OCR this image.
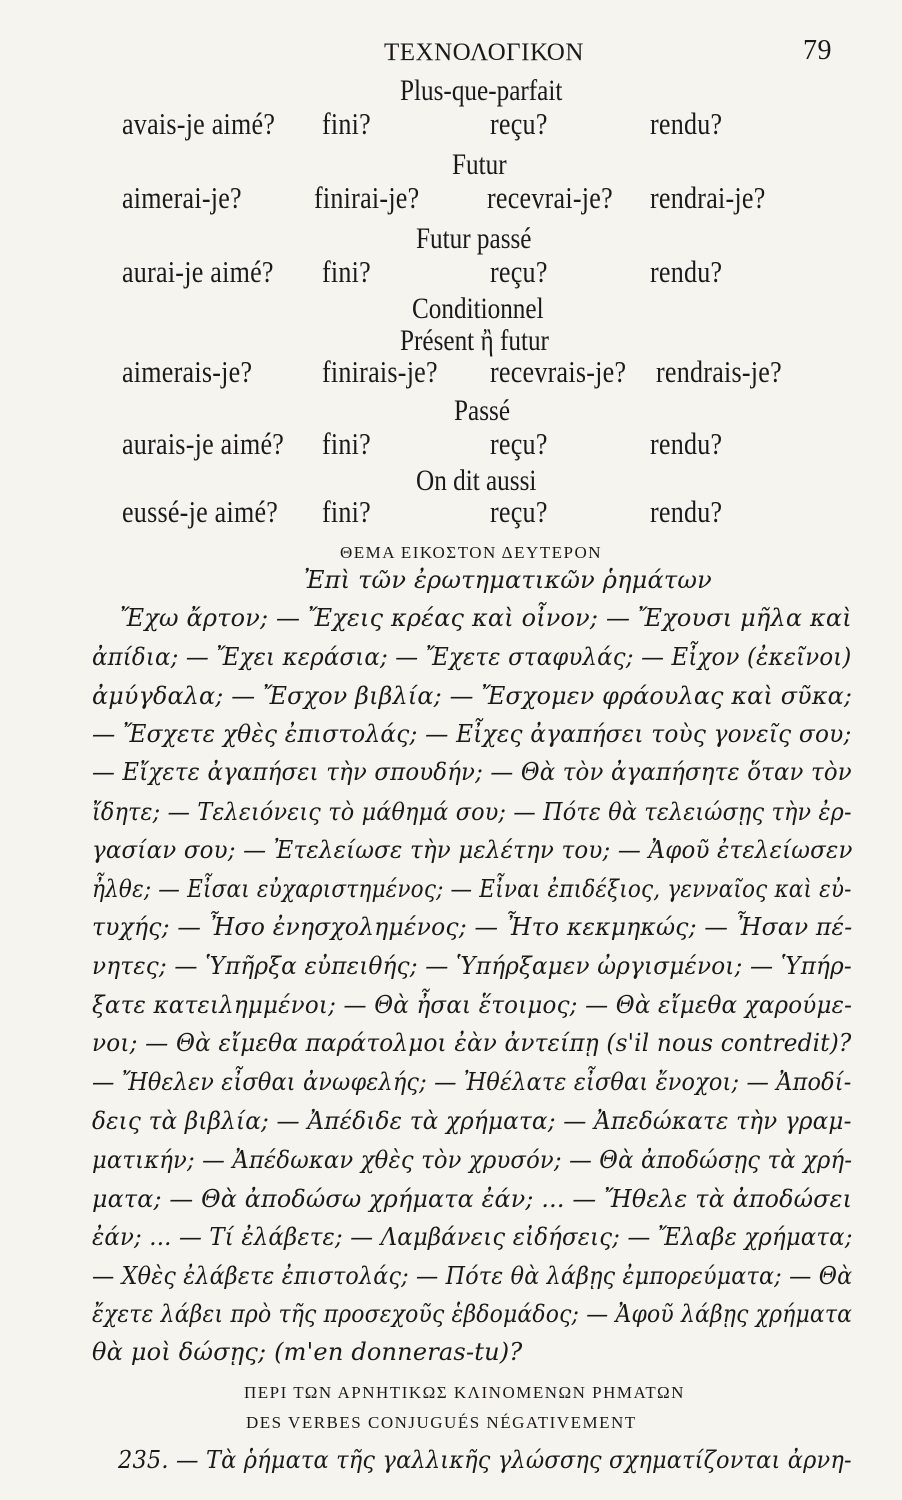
ΤΕΧΝΟΛΟΓΙΚΟΝ	79
Plus-que-parfait
avais-je aimé? fini?	reçu?	rendu?
Futur
aimerai-je? finirai-je? recevrai-je? rendrai-je?
Futur passé
aurai-je aimé? fini?	reçu?	rendu?
Conditionnel
Présent ἢ futur
aimerais-je? finirais-je? recevrais-je? rendrais-je?
Passé
aurais-je aimé? fini?	reçu?	rendu?
On dit aussi
eussé-je aimé? fini?	reçu?	rendu?
ΘΕΜΑ ΕΙΚΟΣΤΟΝ ΔΕΥΤΕΡΟΝ
Ἐπὶ τῶν ἐρωτηματικῶν ῥημάτων
Ἔχω ἄρτον; — Ἔχεις κρέας καὶ οἶνον; — Ἔχουσι μῆλα καὶ
ἀπίδια; — Ἔχει κεράσια; — Ἔχετε σταφυλάς; — Εἶχον (ἐκεῖνοι)
ἀμύγδαλα; — Ἔσχον βιβλία; — Ἔσχομεν φράουλας καὶ σῦκα;
— Ἔσχετε χθὲς ἐπιστολάς; — Εἶχες ἀγαπήσει τοὺς γονεῖς σου;
— Εἴχετε ἀγαπήσει τὴν σπουδήν; — Θὰ τὸν ἀγαπήσητε ὅταν τὸν
ἴδητε; — Τελειόνεις τὸ μάθημά σου; — Πότε θὰ τελειώσῃς τὴν ἐρ-
γασίαν σου; — Ἐτελείωσε τὴν μελέτην του; — Ἀφοῦ ἐτελείωσεν
ἦλθε; — Εἶσαι εὐχαριστημένος; — Εἶναι ἐπιδέξιος, γενναῖος καὶ εὐ-
τυχής; — Ἦσο ἐνησχολημένος; — Ἦτο κεκμηκώς; — Ἦσαν πέ-
νητες; — Ὑπῆρξα εὐπειθής; — Ὑπήρξαμεν ὠργισμένοι; — Ὑπήρ-
ξατε κατειλημμένοι; — Θὰ ἦσαι ἕτοιμος; — Θὰ εἴμεθα χαρούμε-
νοι; — Θὰ εἴμεθα παράτολμοι ἐὰν ἀντείπῃ (s'il nous contredit)?
— Ἤθελεν εἶσθαι ἀνωφελής; — Ἠθέλατε εἶσθαι ἔνοχοι; — Ἀποδί-
δεις τὰ βιβλία; — Ἀπέδιδε τὰ χρήματα; — Ἀπεδώκατε τὴν γραμ-
ματικήν; — Ἀπέδωκαν χθὲς τὸν χρυσόν; — Θὰ ἀποδώσῃς τὰ χρή-
ματα; — Θὰ ἀποδώσω χρήματα ἐάν; ... — Ἤθελε τὰ ἀποδώσει
ἐάν; ... — Τί ἐλάβετε; — Λαμβάνεις εἰδήσεις; — Ἔλαβε χρήματα;
— Χθὲς ἐλάβετε ἐπιστολάς; — Πότε θὰ λάβῃς ἐμπορεύματα; — Θὰ
ἔχετε λάβει πρὸ τῆς προσεχοῦς ἑβδομάδος; — Ἀφοῦ λάβῃς χρήματα
θὰ μοὶ δώσῃς; (m'en donneras-tu)?
ΠΕΡΙ ΤΩΝ ΑΡΝΗΤΙΚΩΣ ΚΛΙΝΟΜΕΝΩΝ ΡΗΜΑΤΩΝ
DES VERBES CONJUGUÉS NÉGATIVEMENT
235. — Τὰ ῥήματα τῆς γαλλικῆς γλώσσης σχηματίζονται ἀρνη-
